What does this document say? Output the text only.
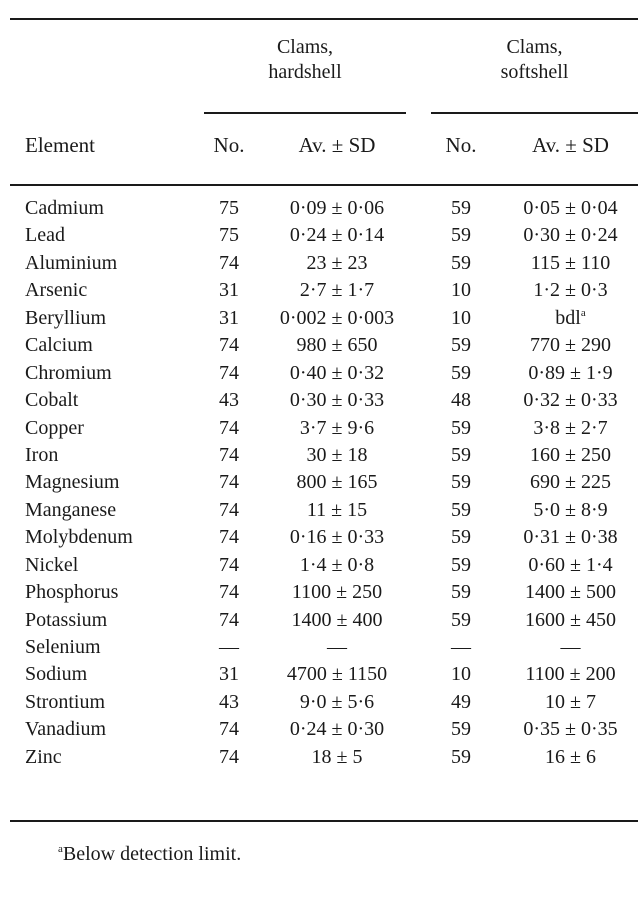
Clams,
hardshell
Clams,
softshell
Element	No.	Av. ± SD	No.	Av. ± SD
Cadmium	75	0·09 ± 0·06	59	0·05 ± 0·04
Lead	75	0·24 ± 0·14	59	0·30 ± 0·24
Aluminium	74	23 ± 23	59	115 ± 110
Arsenic	31	2·7 ± 1·7	10	1·2 ± 0·3
Beryllium	31	0·002 ± 0·003	10	bdl$^a$
Calcium	74	980 ± 650	59	770 ± 290
Chromium	74	0·40 ± 0·32	59	0·89 ± 1·9
Cobalt	43	0·30 ± 0·33	48	0·32 ± 0·33
Copper	74	3·7 ± 9·6	59	3·8 ± 2·7
Iron	74	30 ± 18	59	160 ± 250
Magnesium	74	800 ± 165	59	690 ± 225
Manganese	74	11 ± 15	59	5·0 ± 8·9
Molybdenum	74	0·16 ± 0·33	59	0·31 ± 0·38
Nickel	74	1·4 ± 0·8	59	0·60 ± 1·4
Phosphorus	74	1100 ± 250	59	1400 ± 500
Potassium	74	1400 ± 400	59	1600 ± 450
Selenium	—	—	—	—
Sodium	31	4700 ± 1150	10	1100 ± 200
Strontium	43	9·0 ± 5·6	49	10 ± 7
Vanadium	74	0·24 ± 0·30	59	0·35 ± 0·35
Zinc	74	18 ± 5	59	16 ± 6
$^a$Below detection limit.
